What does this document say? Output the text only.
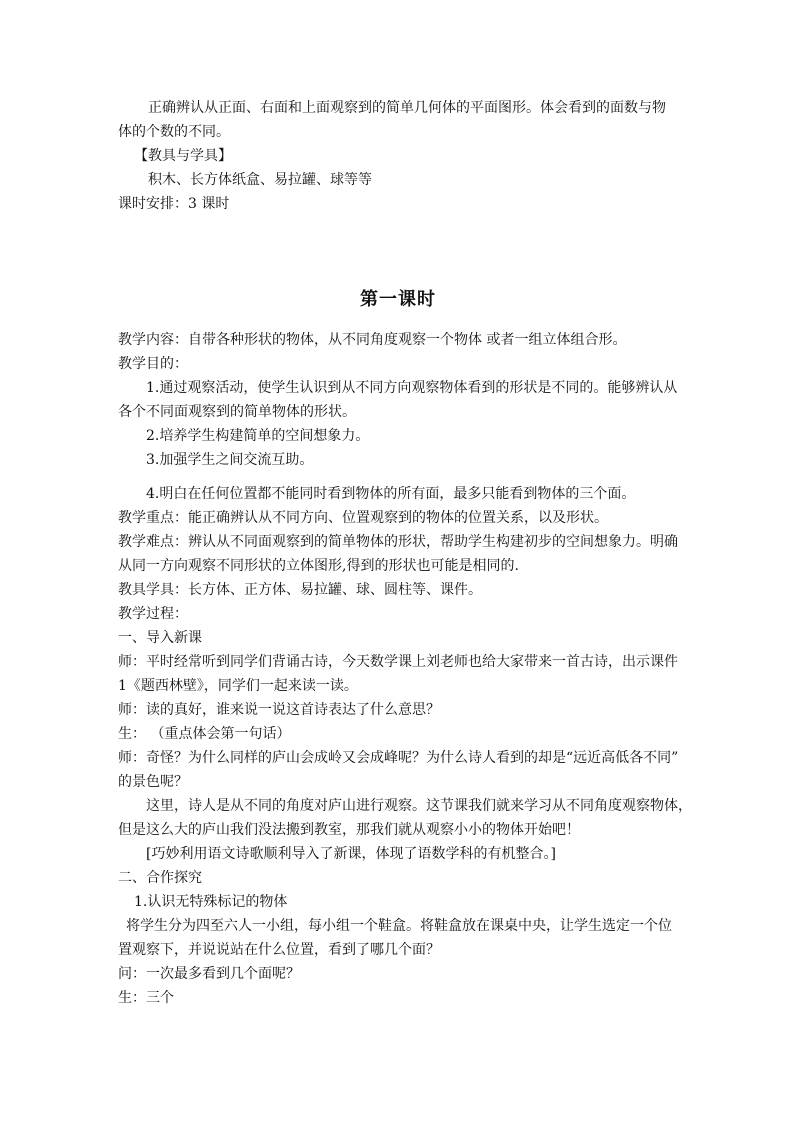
正确辨认从正面、右面和上面观察到的简单几何体的平面图形。体会看到的面数与物

体的个数的不同。

【教具与学具】

积木、长方体纸盒、易拉罐、球等等

课时安排：3 课时

第一课时

教学内容：自带各种形状的物体，从不同角度观察一个物体 或者一组立体组合形。

教学目的：

1.通过观察活动，使学生认识到从不同方向观察物体看到的形状是不同的。能够辨认从

各个不同面观察到的简单物体的形状。

2.培养学生构建简单的空间想象力。

3.加强学生之间交流互助。

4.明白在任何位置都不能同时看到物体的所有面，最多只能看到物体的三个面。

教学重点：能正确辨认从不同方向、位置观察到的物体的位置关系，以及形状。

教学难点：辨认从不同面观察到的简单物体的形状，帮助学生构建初步的空间想象力。明确

从同一方向观察不同形状的立体图形,得到的形状也可能是相同的.

教具学具：长方体、正方体、易拉罐、球、圆柱等、课件。

教学过程：

一、导入新课

师：平时经常听到同学们背诵古诗，今天数学课上刘老师也给大家带来一首古诗，出示课件

1《题西林壁》，同学们一起来读一读。

师：读的真好，谁来说一说这首诗表达了什么意思？

生： （重点体会第一句话）

师：奇怪？为什么同样的庐山会成岭又会成峰呢？为什么诗人看到的却是“远近高低各不同”

的景色呢？

这里，诗人是从不同的角度对庐山进行观察。这节课我们就来学习从不同角度观察物体，

但是这么大的庐山我们没法搬到教室，那我们就从观察小小的物体开始吧！

[巧妙利用语文诗歌顺利导入了新课，体现了语数学科的有机整合。]

二、合作探究

1.认识无特殊标记的物体

将学生分为四至六人一小组，每小组一个鞋盒。将鞋盒放在课桌中央，让学生选定一个位

置观察下，并说说站在什么位置，看到了哪几个面？

问：一次最多看到几个面呢？

生：三个
